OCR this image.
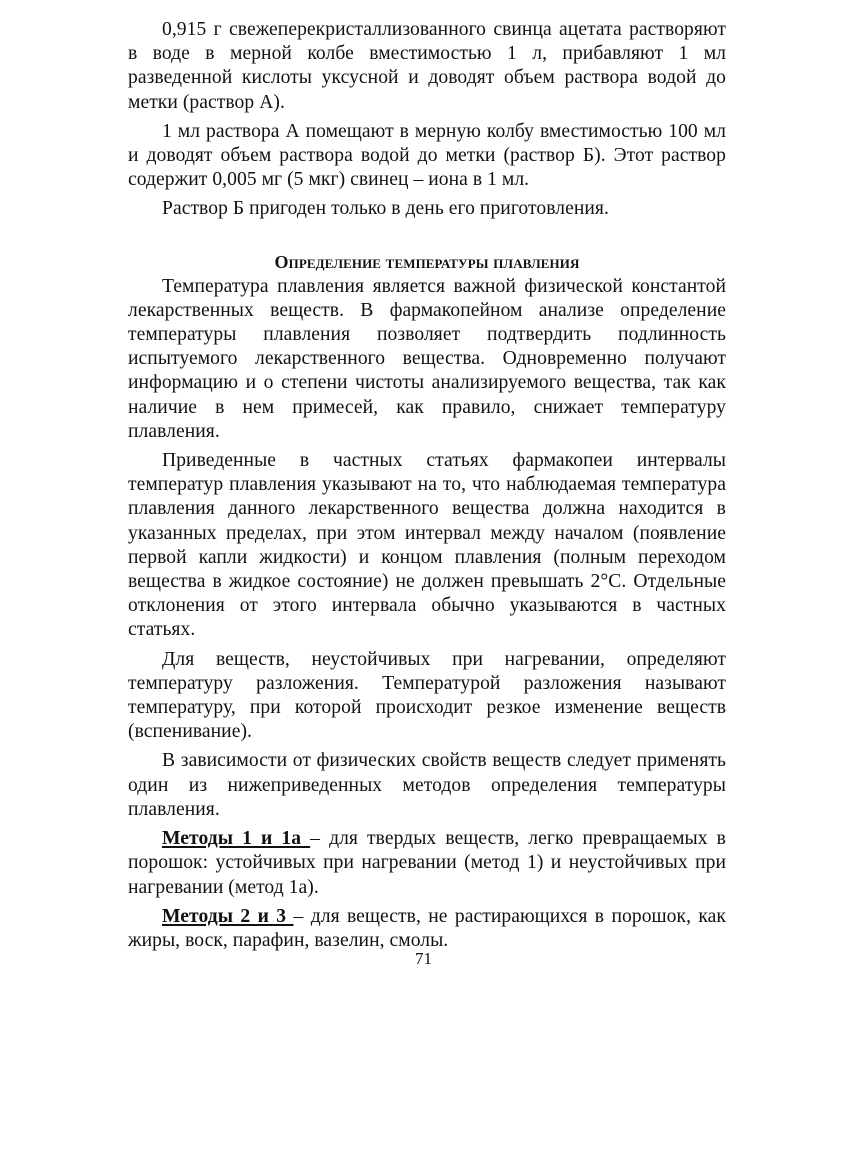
0,915 г свежеперекристаллизованного свинца ацетата растворяют в воде в мерной колбе вместимостью 1 л, прибавляют 1 мл разведенной кислоты уксусной и доводят объем раствора водой до метки (раствор А).

1 мл раствора А помещают в мерную колбу вместимостью 100 мл и доводят объем раствора водой до метки (раствор Б). Этот раствор содержит 0,005 мг (5 мкг) свинец – иона в 1 мл.

Раствор Б пригоден только в день его приготовления.

Определение температуры плавления

Температура плавления является важной физической константой лекарственных веществ. В фармакопейном анализе определение температуры плавления позволяет подтвердить подлинность испытуемого лекарственного вещества. Одновременно получают информацию и о степени чистоты анализируемого вещества, так как наличие в нем примесей, как правило, снижает температуру плавления.

Приведенные в частных статьях фармакопеи интервалы температур плавления указывают на то, что наблюдаемая температура плавления данного лекарственного вещества должна находится в указанных пределах, при этом интервал между началом (появление первой капли жидкости) и концом плавления (полным переходом вещества в жидкое состояние) не должен превышать 2°С. Отдельные отклонения от этого интервала обычно указываются в частных статьях.

Для веществ, неустойчивых при нагревании, определяют температуру разложения. Температурой разложения называют температуру, при которой происходит резкое изменение веществ (вспенивание).

В зависимости от физических свойств веществ следует применять один из нижеприведенных методов определения температуры плавления.

Методы 1 и 1а – для твердых веществ, легко превращаемых в порошок: устойчивых при нагревании (метод 1) и неустойчивых при нагревании (метод 1а).

Методы 2 и 3 – для веществ, не растирающихся в порошок, как жиры, воск, парафин, вазелин, смолы.

71
